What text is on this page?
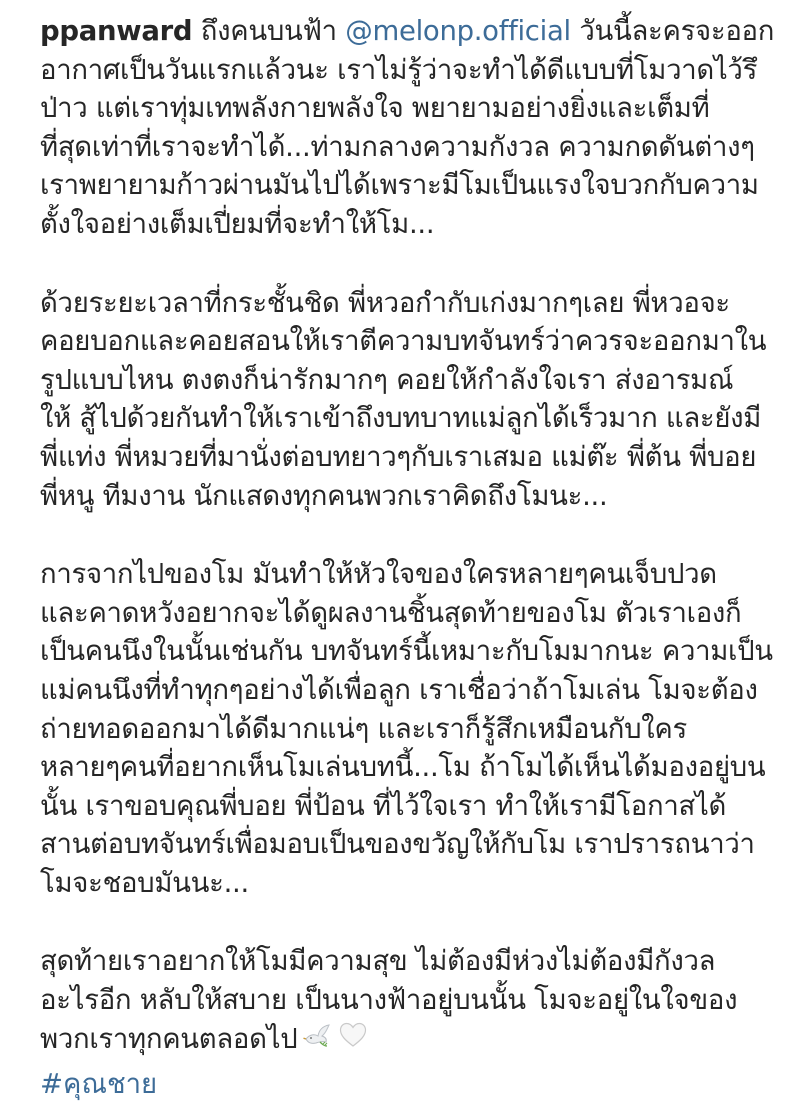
ppanward ถึงคนบนฟ้า @melonp.official วันนี้ละครจะออก
อากาศเป็นวันแรกแล้วนะ เราไม่รู้ว่าจะทำได้ดีแบบที่โมวาดไว้รึ
ป่าว แต่เราทุ่มเทพลังกายพลังใจ พยายามอย่างยิ่งและเต็มที่
ที่สุดเท่าที่เราจะทำได้...ท่ามกลางความกังวล ความกดดันต่างๆ
เราพยายามก้าวผ่านมันไปได้เพราะมีโมเป็นแรงใจบวกกับความ
ตั้งใจอย่างเต็มเปี่ยมที่จะทำให้โม...

ด้วยระยะเวลาที่กระชั้นชิด พี่หวอกำกับเก่งมากๆเลย พี่หวอจะ
คอยบอกและคอยสอนให้เราตีความบทจันทร์ว่าควรจะออกมาใน
รูปแบบไหน ตงตงก็น่ารักมากๆ คอยให้กำลังใจเรา ส่งอารมณ์
ให้ สู้ไปด้วยกันทำให้เราเข้าถึงบทบาทแม่ลูกได้เร็วมาก และยังมี
พี่แท่ง พี่หมวยที่มานั่งต่อบทยาวๆกับเราเสมอ แม่ต๊ะ พี่ต้น พี่บอย
พี่หนู ทีมงาน นักแสดงทุกคนพวกเราคิดถึงโมนะ...

การจากไปของโม มันทำให้หัวใจของใครหลายๆคนเจ็บปวด
และคาดหวังอยากจะได้ดูผลงานชิ้นสุดท้ายของโม ตัวเราเองก็
เป็นคนนึงในนั้นเช่นกัน บทจันทร์นี้เหมาะกับโมมากนะ ความเป็น
แม่คนนึงที่ทำทุกๆอย่างได้เพื่อลูก เราเชื่อว่าถ้าโมเล่น โมจะต้อง
ถ่ายทอดออกมาได้ดีมากแน่ๆ และเราก็รู้สึกเหมือนกับใคร
หลายๆคนที่อยากเห็นโมเล่นบทนี้...โม ถ้าโมได้เห็นได้มองอยู่บน
นั้น เราขอบคุณพี่บอย พี่ป้อน ที่ไว้ใจเรา ทำให้เรามีโอกาสได้
สานต่อบทจันทร์เพื่อมอบเป็นของขวัญให้กับโม เราปรารถนาว่า
โมจะชอบมันนะ...

สุดท้ายเราอยากให้โมมีความสุข ไม่ต้องมีห่วงไม่ต้องมีกังวล
อะไรอีก หลับให้สบาย เป็นนางฟ้าอยู่บนนั้น โมจะอยู่ในใจของ
พวกเราทุกคนตลอดไป

#คุณชาย
